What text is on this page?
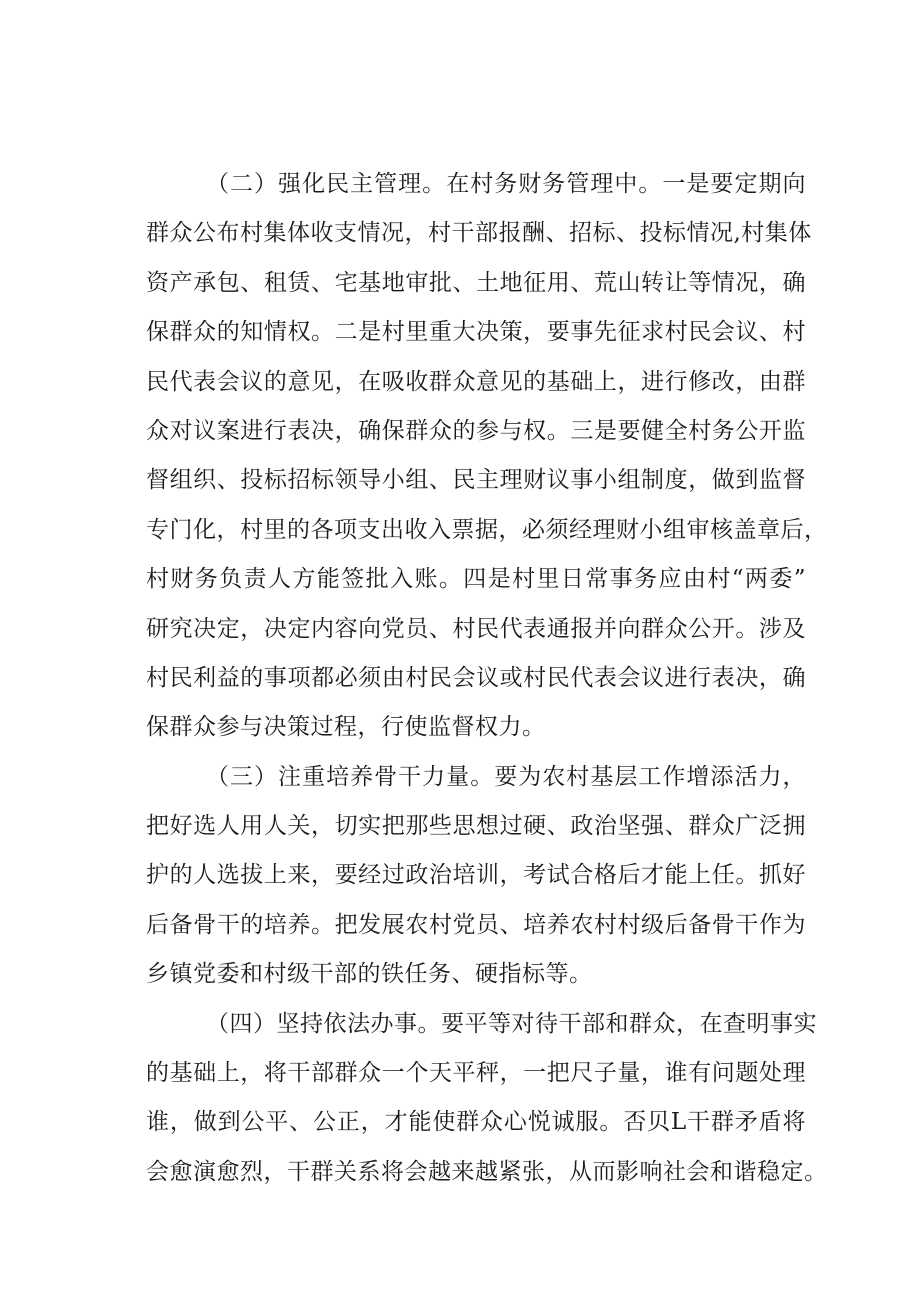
（二）强化民主管理。在村务财务管理中。一是要定期向
群众公布村集体收支情况，村干部报酬、招标、投标情况,村集体
资产承包、租赁、宅基地审批、土地征用、荒山转让等情况，确
保群众的知情权。二是村里重大决策，要事先征求村民会议、村
民代表会议的意见，在吸收群众意见的基础上，进行修改，由群
众对议案进行表决，确保群众的参与权。三是要健全村务公开监
督组织、投标招标领导小组、民主理财议事小组制度，做到监督
专门化，村里的各项支出收入票据，必须经理财小组审核盖章后，
村财务负责人方能签批入账。四是村里日常事务应由村“两委”
研究决定，决定内容向党员、村民代表通报并向群众公开。涉及
村民利益的事项都必须由村民会议或村民代表会议进行表决，确
保群众参与决策过程，行使监督权力。
（三）注重培养骨干力量。要为农村基层工作增添活力，
把好选人用人关，切实把那些思想过硬、政治坚强、群众广泛拥
护的人选拔上来，要经过政治培训，考试合格后才能上任。抓好
后备骨干的培养。把发展农村党员、培养农村村级后备骨干作为
乡镇党委和村级干部的铁任务、硬指标等。
（四）坚持依法办事。要平等对待干部和群众，在查明事实
的基础上，将干部群众一个天平秤，一把尺子量，谁有问题处理
谁，做到公平、公正，才能使群众心悦诚服。否贝L干群矛盾将
会愈演愈烈，干群关系将会越来越紧张，从而影响社会和谐稳定。
